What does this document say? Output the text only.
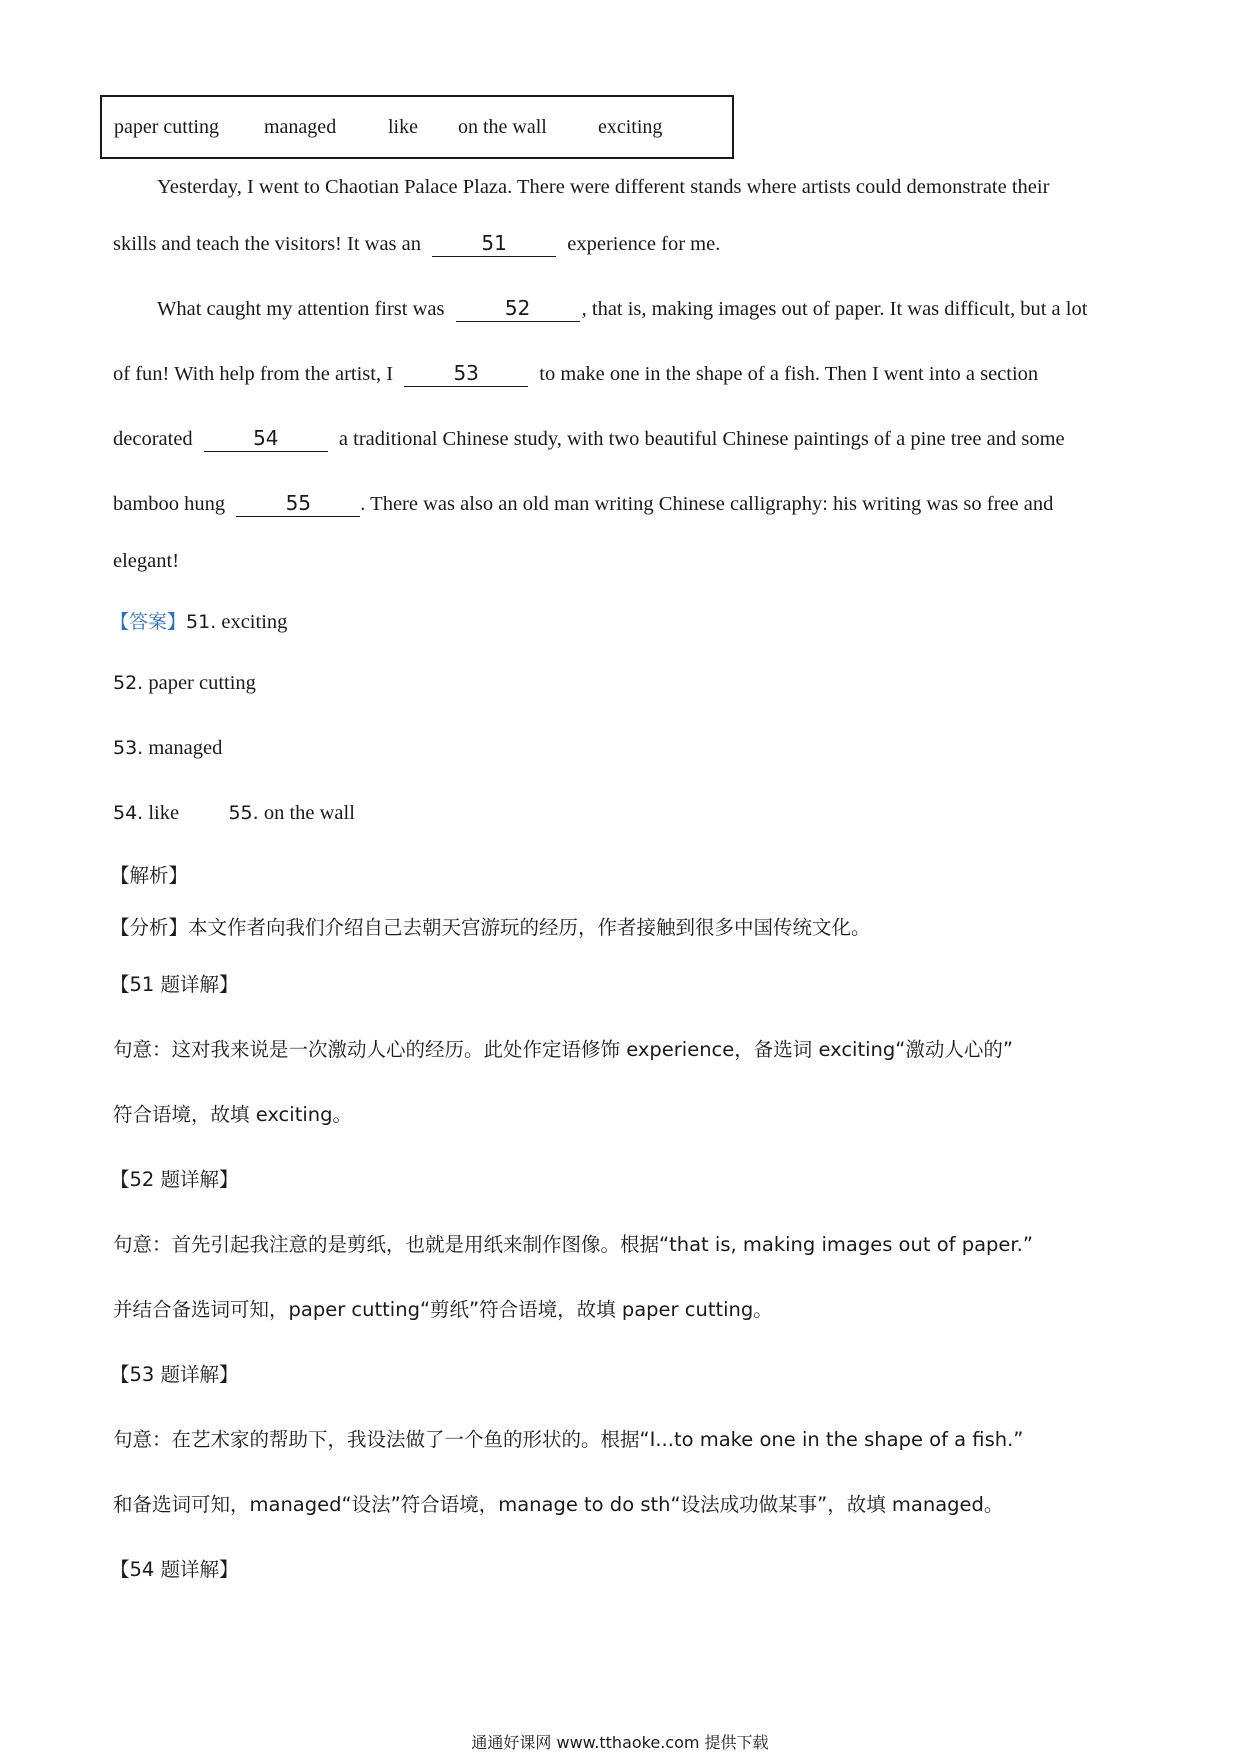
paper cutting	managed	like	on the wall	exciting
Yesterday, I went to Chaotian Palace Plaza. There were different stands where artists could demonstrate their
skills and teach the visitors! It was an	51	experience for me.
What caught my attention first was	52	, that is, making images out of paper. It was difficult, but a lot
of fun! With help from the artist, I	53	to make one in the shape of a fish. Then I went into a section
decorated	54	a traditional Chinese study, with two beautiful Chinese paintings of a pine tree and some
bamboo hung	55 . There was also an old man writing Chinese calligraphy: his writing was so free and
elegant!
【答案】51. exciting
52. paper cutting
53. managed
54. like	55. on the wall
【解析】
【分析】本文作者向我们介绍自己去朝天宫游玩的经历，作者接触到很多中国传统文化。
【51 题详解】
句意：这对我来说是一次激动人心的经历。此处作定语修饰 experience，备选词 exciting“激动人心的”
符合语境，故填 exciting。
【52 题详解】
句意：首先引起我注意的是剪纸，也就是用纸来制作图像。根据“that is, making images out of paper.”
并结合备选词可知，paper cutting“剪纸”符合语境，故填 paper cutting。
【53 题详解】
句意：在艺术家的帮助下，我设法做了一个鱼的形状的。根据“I...to make one in the shape of a fish.”
和备选词可知，managed“设法”符合语境，manage to do sth“设法成功做某事”，故填 managed。
【54 题详解】
通通好课网 www.tthaoke.com 提供下载
